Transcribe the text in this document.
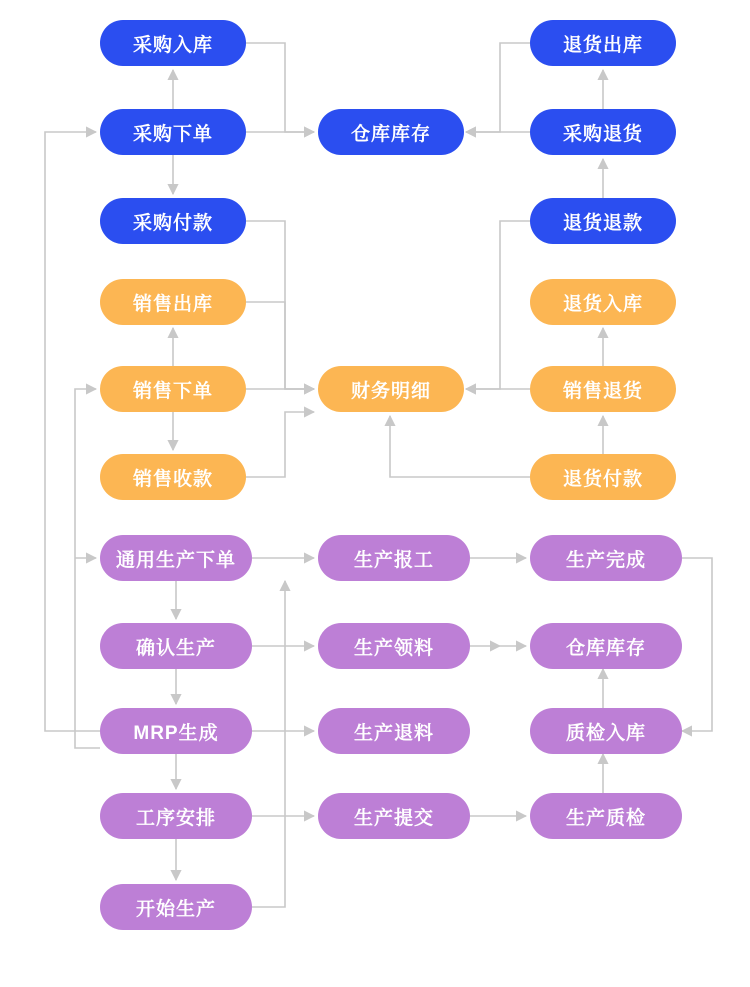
采购入库	退货出库
采购下单	仓库库存	采购退货
采购付款	退货退款
销售出库	退货入库
销售下单	财务明细	销售退货
销售收款	退货付款
通用生产下单	生产报工	生产完成
确认生产	生产领料	仓库库存
MRP生成	生产退料	质检入库
工序安排	生产提交	生产质检
开始生产
